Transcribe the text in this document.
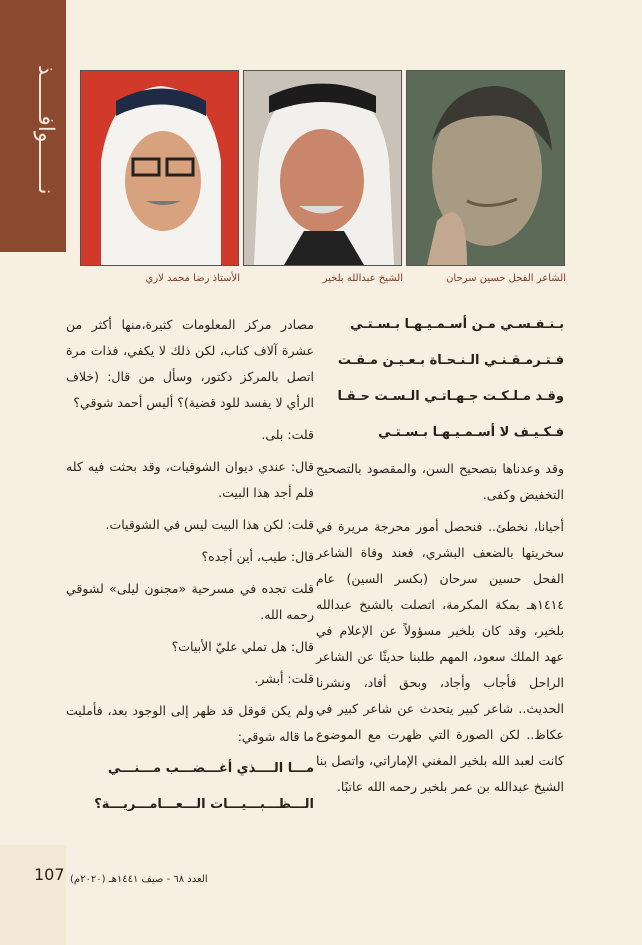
نـــــــوافــــــذ
الأستاذ رضا محمد لاري	الشيخ عبدالله بلخير	الشاعر الفحل حسين سرحان
بـنـفـسـي مـن أسـمـيـهـا بـسـتـي
فـتـرمـقـنـي الـنـحـاة بـعـيـن مـقـت
وقـد مـلـكـت جـهـاتـي الـسـت حـقـا
فـكـيـف لا أسـمـيـهـا بـسـتـي

وقد وعدناها بتصحيح السن، والمقصود بالتصحيح التخفيض وكفى.

أحيانا، نخطئ.. فنحصل أمور محرجة مريرة في سخريتها بالضعف البشري، فعند وفاة الشاعر الفحل حسين سرحان (بكسر السين) عام ١٤١٤هـ بمكة المكرمة، اتصلت بالشيخ عبدالله بلخير، وقد كان بلخير مسؤولاً عن الإعلام في عهد الملك سعود، المهم طلبنا حديثًا عن الشاعر الراحل فأجاب وأجاد، وبحق أفاد، ونشرنا الحديث.. شاعر كبير يتحدث عن شاعر كبير في عكاظ.. لكن الصورة التي ظهرت مع الموضوع كانت لعبد الله بلخير المغني الإماراتي، واتصل بنا الشيخ عبدالله بن عمر بلخير رحمه الله عاتبًا.

مصادر مركز المعلومات كثيرة،منها أكثر من عشرة آلاف كتاب، لكن ذلك لا يكفي، فذات مرة اتصل بالمركز دكتور، وسأل من قال: (خلاف الرأي لا يفسد للود قضية)؟ أليس أحمد شوقي؟

قلت: بلى.

قال: عندي ديوان الشوقيات، وقد بحثت فيه كله فلم أجد هذا البيت.

قلت: لكن هذا البيت ليس في الشوقيات.

قال: طيب، أين أجده؟

قلت تجده في مسرحية «مجنون ليلى» لشوقي رحمه الله.

قال: هل تملي عليّ الأبيات؟

قلت: أبشر.

ولم يكن قوقل قد ظهر إلى الوجود بعد، فأمليت ما قاله شوقي:

مـــا الــــذي أغـــضـــب مـــنـــي
الـــظـــبـــيـــات الـــعـــامـــريـــة؟
107 العدد ٦٨ - صيف ١٤٤١هـ (٢٠٢٠م)
